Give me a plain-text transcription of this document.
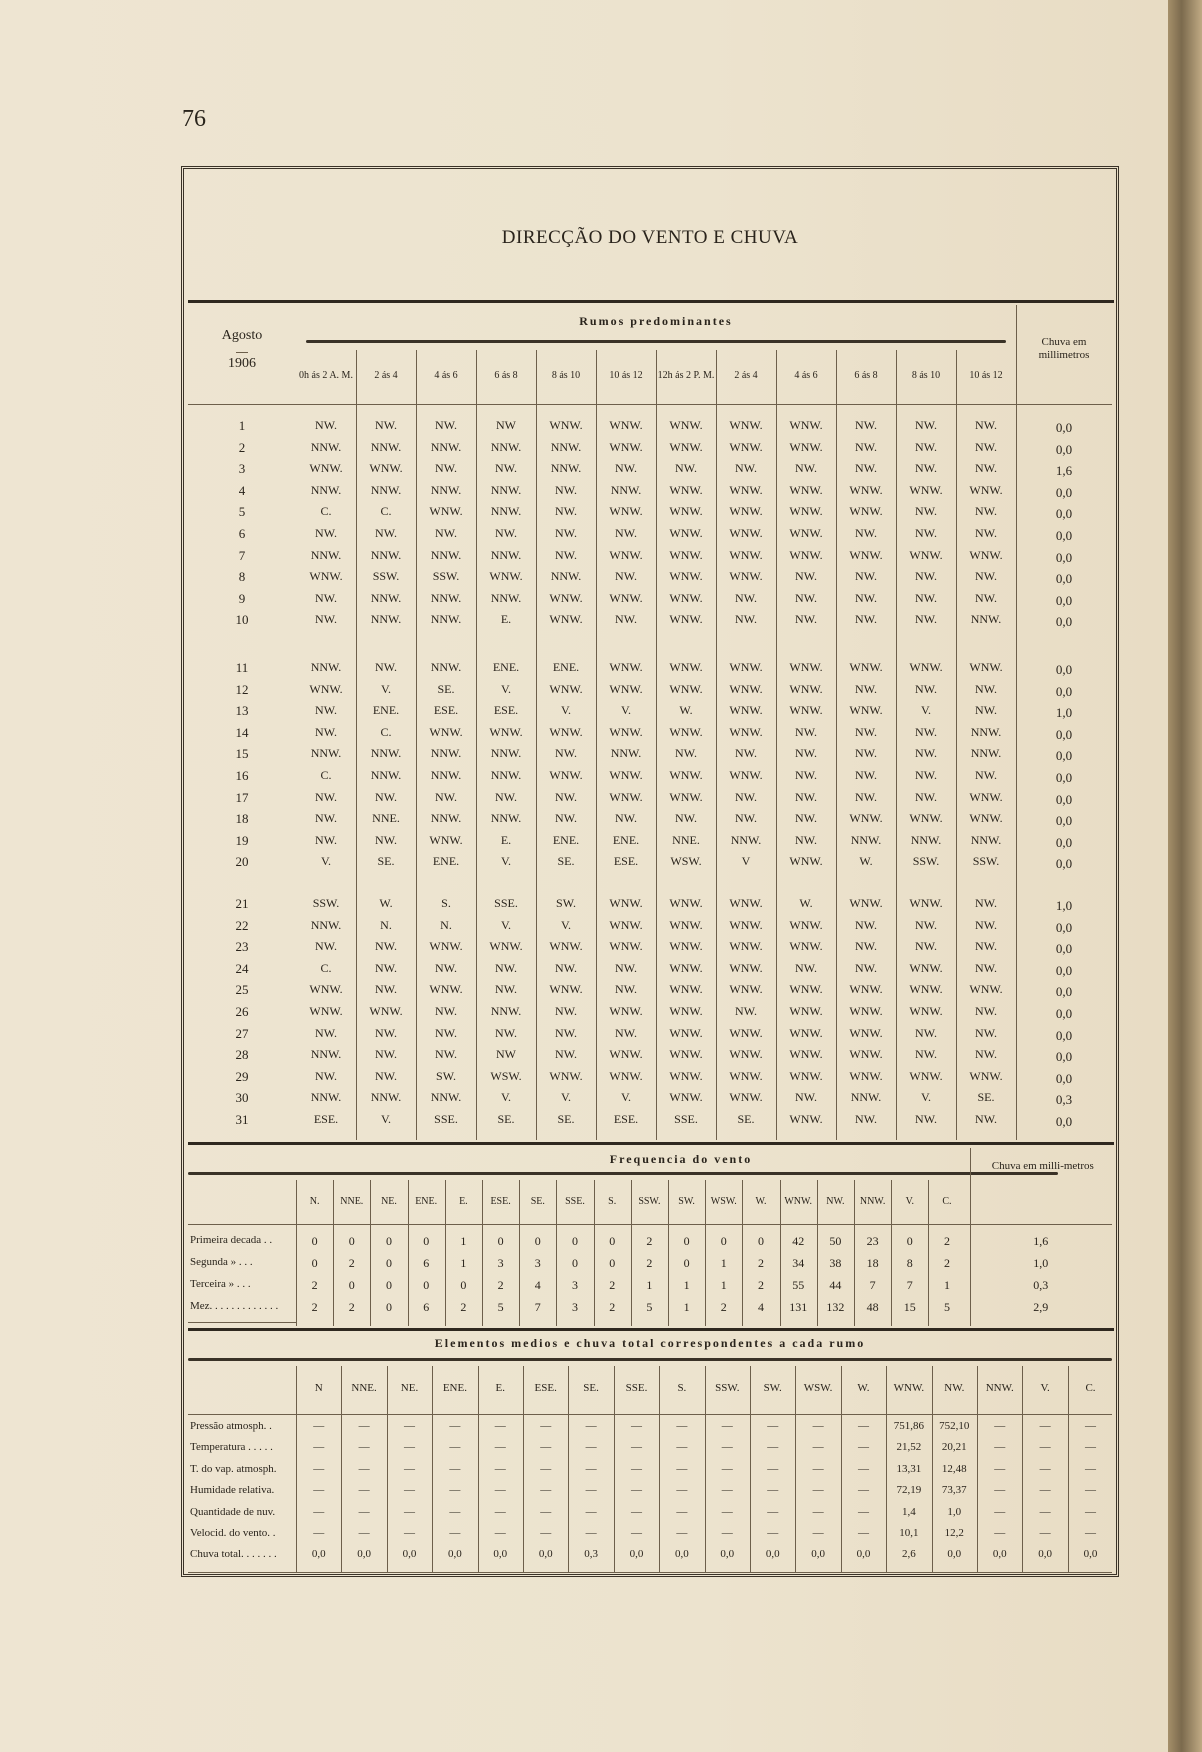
76
DIRECÇÃO DO VENTO E CHUVA
Agosto
1906
Rumos predominantes
Chuva em millimetros
0h ás 2 A. M.	2 ás 4	4 ás 6	6 ás 8	8 ás 10	10 ás 12	12h ás 2 P. M.	2 ás 4	4 ás 6	6 ás 8	8 ás 10	10 ás 12
1	NW.	NW.	NW.	NW	WNW.	WNW.	WNW.	WNW.	WNW.	NW.	NW.	NW.	0,0
2	NNW.	NNW.	NNW.	NNW.	NNW.	WNW.	WNW.	WNW.	WNW.	NW.	NW.	NW.	0,0
3	WNW.	WNW.	NW.	NW.	NNW.	NW.	NW.	NW.	NW.	NW.	NW.	NW.	1,6
4	NNW.	NNW.	NNW.	NNW.	NW.	NNW.	WNW.	WNW.	WNW.	WNW.	WNW.	WNW.	0,0
5	C.	C.	WNW.	NNW.	NW.	WNW.	WNW.	WNW.	WNW.	WNW.	NW.	NW.	0,0
6	NW.	NW.	NW.	NW.	NW.	NW.	WNW.	WNW.	WNW.	NW.	NW.	NW.	0,0
7	NNW.	NNW.	NNW.	NNW.	NW.	WNW.	WNW.	WNW.	WNW.	WNW.	WNW.	WNW.	0,0
8	WNW.	SSW.	SSW.	WNW.	NNW.	NW.	WNW.	WNW.	NW.	NW.	NW.	NW.	0,0
9	NW.	NNW.	NNW.	NNW.	WNW.	WNW.	WNW.	NW.	NW.	NW.	NW.	NW.	0,0
10	NW.	NNW.	NNW.	E.	WNW.	NW.	WNW.	NW.	NW.	NW.	NW.	NNW.	0,0
11	NNW.	NW.	NNW.	ENE.	ENE.	WNW.	WNW.	WNW.	WNW.	WNW.	WNW.	WNW.	0,0
12	WNW.	V.	SE.	V.	WNW.	WNW.	WNW.	WNW.	WNW.	NW.	NW.	NW.	0,0
13	NW.	ENE.	ESE.	ESE.	V.	V.	W.	WNW.	WNW.	WNW.	V.	NW.	1,0
14	NW.	C.	WNW.	WNW.	WNW.	WNW.	WNW.	WNW.	NW.	NW.	NW.	NNW.	0,0
15	NNW.	NNW.	NNW.	NNW.	NW.	NNW.	NW.	NW.	NW.	NW.	NW.	NNW.	0,0
16	C.	NNW.	NNW.	NNW.	WNW.	WNW.	WNW.	WNW.	NW.	NW.	NW.	NW.	0,0
17	NW.	NW.	NW.	NW.	NW.	WNW.	WNW.	NW.	NW.	NW.	NW.	WNW.	0,0
18	NW.	NNE.	NNW.	NNW.	NW.	NW.	NW.	NW.	NW.	WNW.	WNW.	WNW.	0,0
19	NW.	NW.	WNW.	E.	ENE.	ENE.	NNE.	NNW.	NW.	NNW.	NNW.	NNW.	0,0
20	V.	SE.	ENE.	V.	SE.	ESE.	WSW.	V	WNW.	W.	SSW.	SSW.	0,0
21	SSW.	W.	S.	SSE.	SW.	WNW.	WNW.	WNW.	W.	WNW.	WNW.	NW.	1,0
22	NNW.	N.	N.	V.	V.	WNW.	WNW.	WNW.	WNW.	NW.	NW.	NW.	0,0
23	NW.	NW.	WNW.	WNW.	WNW.	WNW.	WNW.	WNW.	WNW.	NW.	NW.	NW.	0,0
24	C.	NW.	NW.	NW.	NW.	NW.	WNW.	WNW.	NW.	NW.	WNW.	NW.	0,0
25	WNW.	NW.	WNW.	NW.	WNW.	NW.	WNW.	WNW.	WNW.	WNW.	WNW.	WNW.	0,0
26	WNW.	WNW.	NW.	NNW.	NW.	WNW.	WNW.	NW.	WNW.	WNW.	WNW.	NW.	0,0
27	NW.	NW.	NW.	NW.	NW.	NW.	WNW.	WNW.	WNW.	WNW.	NW.	NW.	0,0
28	NNW.	NW.	NW.	NW	NW.	WNW.	WNW.	WNW.	WNW.	WNW.	NW.	NW.	0,0
29	NW.	NW.	SW.	WSW.	WNW.	WNW.	WNW.	WNW.	WNW.	WNW.	WNW.	WNW.	0,0
30	NNW.	NNW.	NNW.	V.	V.	V.	WNW.	WNW.	NW.	NNW.	V.	SE.	0,3
31	ESE.	V.	SSE.	SE.	SE.	ESE.	SSE.	SE.	WNW.	NW.	NW.	NW.	0,0
Frequencia do vento	Chuva em milli-metros
N.	NNE.	NE.	ENE.	E.	ESE.	SE.	SSE.	S.	SSW.	SW.	WSW.	W.	WNW.	NW.	NNW.	V.	C.
Primeira decada . .	0	0	0	0	1	0	0	0	0	2	0	0	0	42	50	23	0	2	1,6
Segunda » . . .	0	2	0	6	1	3	3	0	0	2	0	1	2	34	38	18	8	2	1,0
Terceira » . . .	2	0	0	0	0	2	4	3	2	1	1	1	2	55	44	7	7	1	0,3
Mez. . . . . . . . . . . . .	2	2	0	6	2	5	7	3	2	5	1	2	4	131	132	48	15	5	2,9
Elementos medios e chuva total correspondentes a cada rumo
N	NNE.	NE.	ENE.	E.	ESE.	SE.	SSE.	S.	SSW.	SW.	WSW.	W.	WNW.	NW.	NNW.	V.	C.
Pressão atmosph. .	—	—	—	—	—	—	—	—	—	—	—	—	—	751,86	752,10	—	—	—
Temperatura . . . . .	—	—	—	—	—	—	—	—	—	—	—	—	—	21,52	20,21	—	—	—
T. do vap. atmosph.	—	—	—	—	—	—	—	—	—	—	—	—	—	13,31	12,48	—	—	—
Humidade relativa.	—	—	—	—	—	—	—	—	—	—	—	—	—	72,19	73,37	—	—	—
Quantidade de nuv.	—	—	—	—	—	—	—	—	—	—	—	—	—	1,4	1,0	—	—	—
Velocid. do vento. .	—	—	—	—	—	—	—	—	—	—	—	—	—	10,1	12,2	—	—	—
Chuva total. . . . . . .	0,0	0,0	0,0	0,0	0,0	0,0	0,3	0,0	0,0	0,0	0,0	0,0	0,0	2,6	0,0	0,0	0,0	0,0
